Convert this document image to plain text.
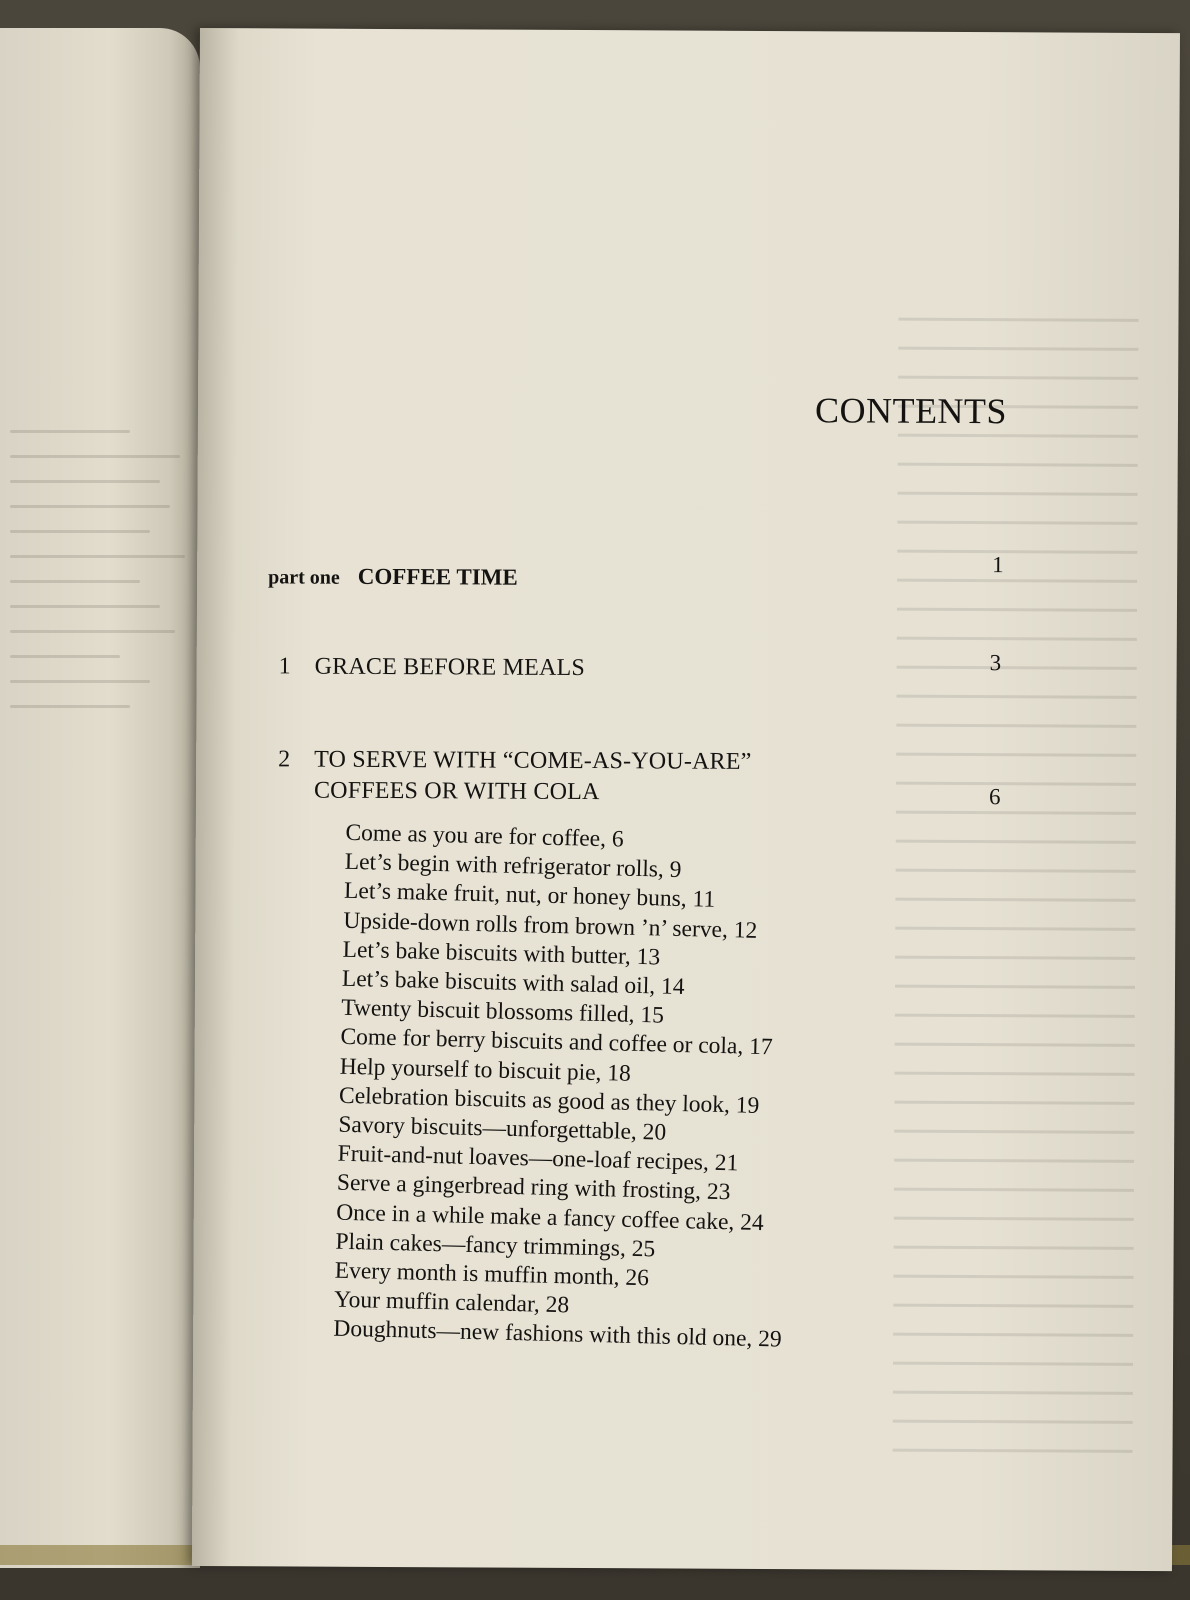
CONTENTS
part one COFFEE TIME	1
1 GRACE BEFORE MEALS	3
2 TO SERVE WITH “COME-AS-YOU-ARE”
COFFEES OR WITH COLA	6
Come as you are for coffee, 6
Let’s begin with refrigerator rolls, 9
Let’s make fruit, nut, or honey buns, 11
Upside-down rolls from brown ’n’ serve, 12
Let’s bake biscuits with butter, 13
Let’s bake biscuits with salad oil, 14
Twenty biscuit blossoms filled, 15
Come for berry biscuits and coffee or cola, 17
Help yourself to biscuit pie, 18
Celebration biscuits as good as they look, 19
Savory biscuits—unforgettable, 20
Fruit-and-nut loaves—one-loaf recipes, 21
Serve a gingerbread ring with frosting, 23
Once in a while make a fancy coffee cake, 24
Plain cakes—fancy trimmings, 25
Every month is muffin month, 26
Your muffin calendar, 28
Doughnuts—new fashions with this old one, 29
